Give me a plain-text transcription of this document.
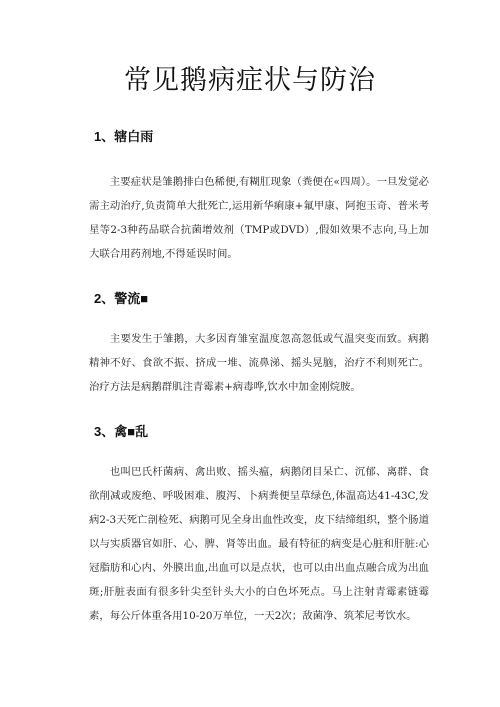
常见鹅病症状与防治
1、辖白雨
主要症状是雏鹅排白色稀便,有糊肛现象（粪便在«四周）。一旦发觉必需主动治疗,负责简单大批死亡,运用新华痢康+氟甲康、阿抱玉奇、普米考星等2-3种药品联合抗菌增效剂（TMP或DVD）,假如效果不志向,马上加大联合用药剂地,不得延误时间。
2、警流■
主要发生于雏鹅，大多因育雏室温度忽高忽低或气温突变而致。病鹅精神不好、食欲不振、挤成一堆、流鼻涕、摇头晃脑，治疗不利则死亡。治疗方法是病鹅群肌注青霉素+病毒哗,饮水中加金刚烷胺。
3、禽■乱
也叫巴氏杆菌病、禽出败、摇头瘟，病鹅闭目呆亡、沉郁、离群、食欲削减或废绝、呼吸困难、腹泻、卜病粪便呈草绿色,体温高达41-43C,发病2-3天死亡剖检死、病鹅可见全身出血性改变，皮下结缔组织，整个肠道以与实质器官如肝、心、脾、肾等出血。最有特征的病变是心脏和肝脏:心冠脂肪和心内、外膜出血,出血可以是点状，也可以由出血点融合成为出血斑;肝脏表面有很多针尖至针头大小的白色坏死点。马上注射青霉素链霉素，每公斤体重各用10-20万单位，一天2次；敌菌净、筑苯尼考饮水。
